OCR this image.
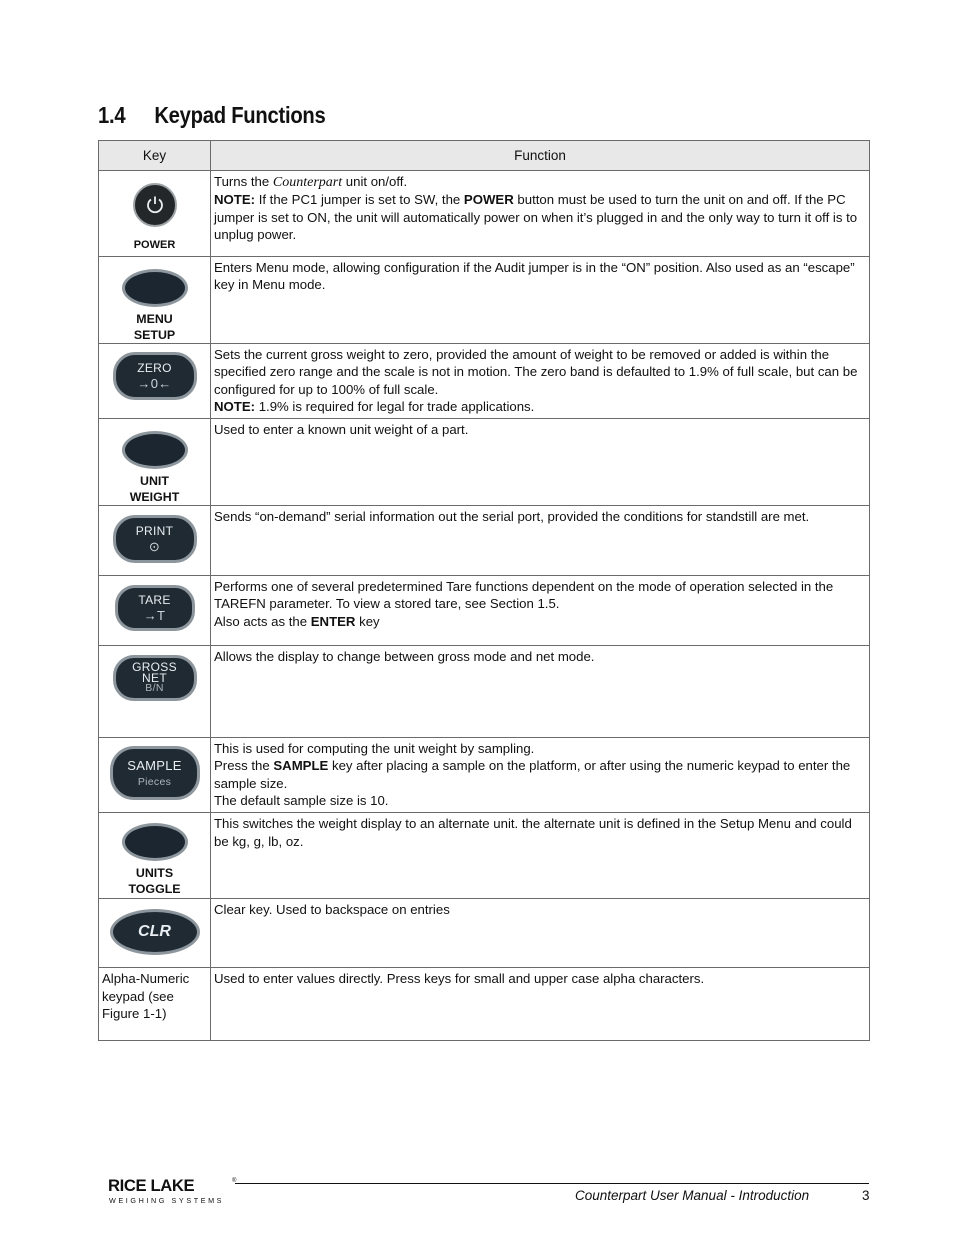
1.4	Keypad Functions
Key	Function

POWER	Turns the Counterpart unit on/off.
NOTE: If the PC1 jumper is set to SW, the POWER button must be used to turn the unit on and off. If the PC jumper is set to ON, the unit will automatically power on when it’s plugged in and the only way to turn it off is to unplug power.

MENU
SETUP	Enters Menu mode, allowing configuration if the Audit jumper is in the “ON” position. Also used as an “escape” key in Menu mode.

ZERO
→0←	Sets the current gross weight to zero, provided the amount of weight to be removed or added is within the specified zero range and the scale is not in motion. The zero band is defaulted to 1.9% of full scale, but can be configured for up to 100% of full scale.
NOTE: 1.9% is required for legal for trade applications.

UNIT
WEIGHT	Used to enter a known unit weight of a part.

PRINT
⊙	Sends “on-demand” serial information out the serial port, provided the conditions for standstill are met.

TARE
→T	Performs one of several predetermined Tare functions dependent on the mode of operation selected in the TAREFN parameter. To view a stored tare, see Section 1.5.
Also acts as the ENTER key

GROSS
NET
B/N	Allows the display to change between gross mode and net mode.

SAMPLE
Pieces	This is used for computing the unit weight by sampling.
Press the SAMPLE key after placing a sample on the platform, or after using the numeric keypad to enter the sample size.
The default sample size is 10.

UNITS
TOGGLE	This switches the weight display to an alternate unit. the alternate unit is defined in the Setup Menu and could be kg, g, lb, oz.

CLR	Clear key. Used to backspace on entries

Alpha-Numeric
keypad (see
Figure 1-1)	Used to enter values directly. Press keys for small and upper case alpha characters.
RICE LAKE	®
WEIGHING SYSTEMS	Counterpart User Manual - Introduction	3
